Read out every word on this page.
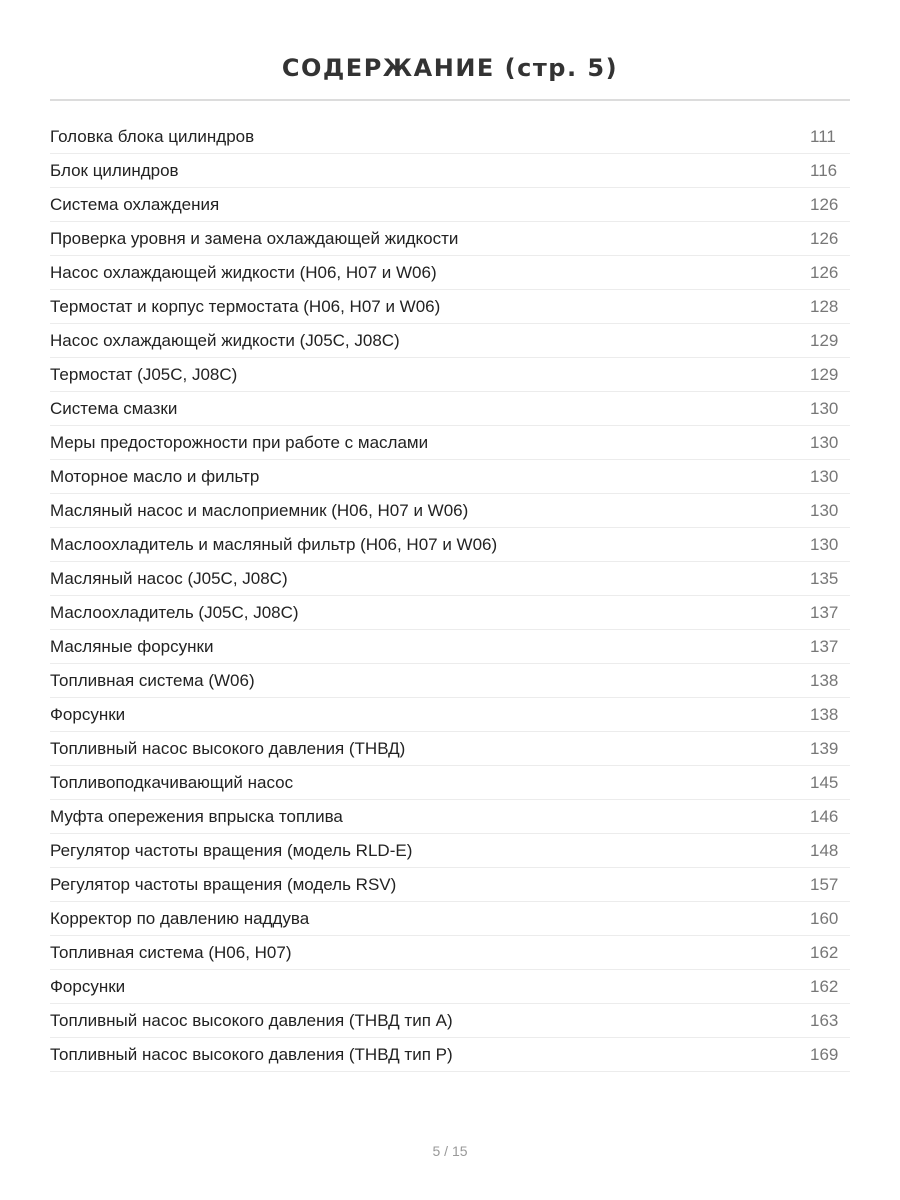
СОДЕРЖАНИЕ (стр. 5)
Головка блока цилиндров	111
Блок цилиндров	116
Система охлаждения	126
Проверка уровня и замена охлаждающей жидкости	126
Насос охлаждающей жидкости (H06, H07 и W06)	126
Термостат и корпус термостата (H06, H07 и W06)	128
Насос охлаждающей жидкости (J05C, J08C)	129
Термостат (J05C, J08C)	129
Система смазки	130
Меры предосторожности при работе с маслами	130
Моторное масло и фильтр	130
Масляный насос и маслоприемник (H06, H07 и W06)	130
Маслоохладитель и масляный фильтр (H06, H07 и W06)	130
Масляный насос (J05C, J08C)	135
Маслоохладитель (J05C, J08C)	137
Масляные форсунки	137
Топливная система (W06)	138
Форсунки	138
Топливный насос высокого давления (ТНВД)	139
Топливоподкачивающий насос	145
Муфта опережения впрыска топлива	146
Регулятор частоты вращения (модель RLD-E)	148
Регулятор частоты вращения (модель RSV)	157
Корректор по давлению наддува	160
Топливная система (H06, H07)	162
Форсунки	162
Топливный насос высокого давления (ТНВД тип А)	163
Топливный насос высокого давления (ТНВД тип Р)	169
5 / 15
